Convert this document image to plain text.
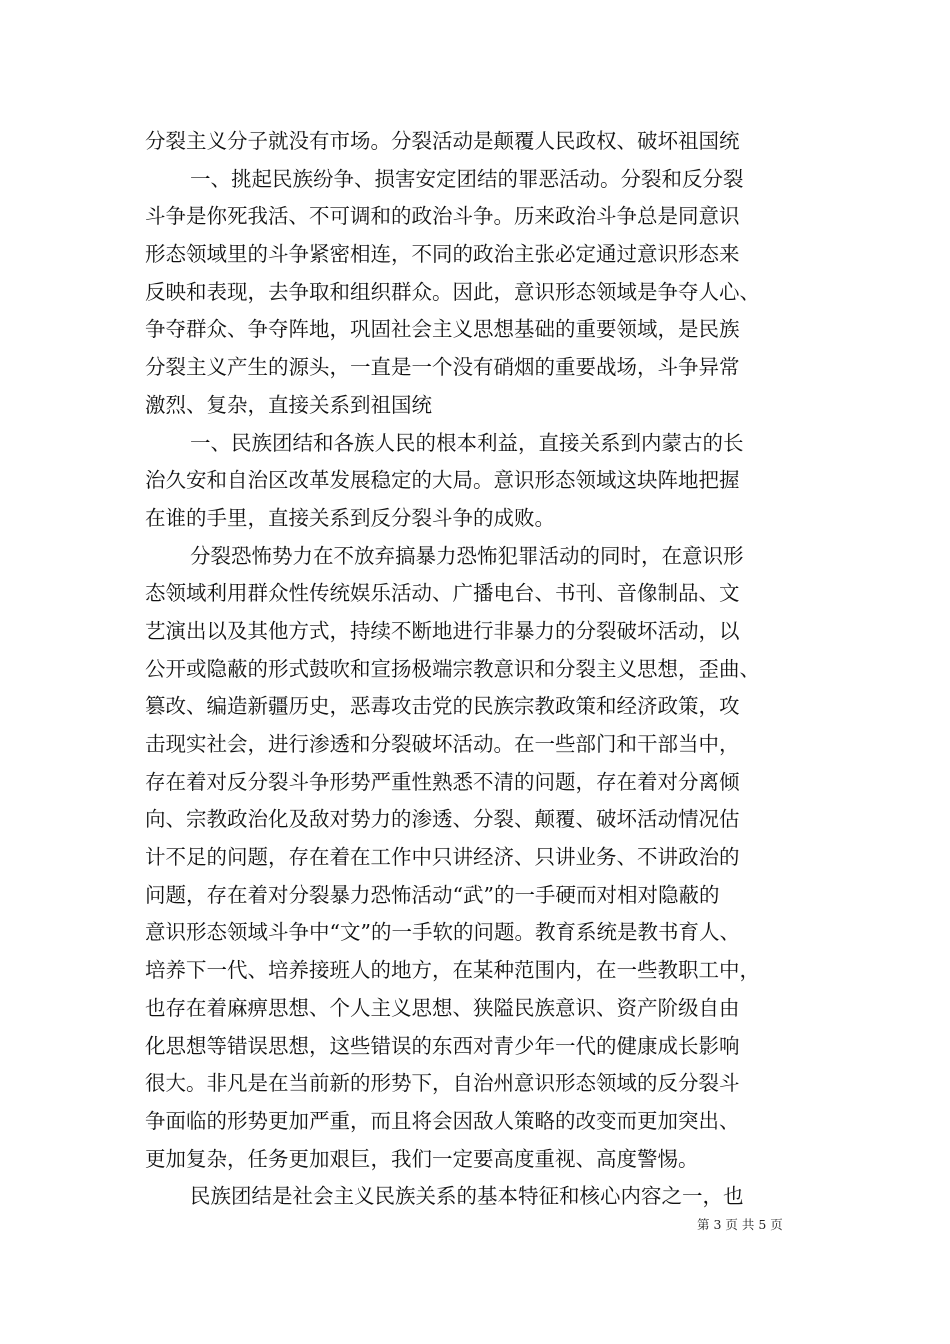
分裂主义分子就没有市场。分裂活动是颠覆人民政权、破坏祖国统
一、挑起民族纷争、损害安定团结的罪恶活动。分裂和反分裂
斗争是你死我活、不可调和的政治斗争。历来政治斗争总是同意识
形态领域里的斗争紧密相连，不同的政治主张必定通过意识形态来
反映和表现，去争取和组织群众。因此，意识形态领域是争夺人心、
争夺群众、争夺阵地，巩固社会主义思想基础的重要领域，是民族
分裂主义产生的源头，一直是一个没有硝烟的重要战场，斗争异常
激烈、复杂，直接关系到祖国统
一、民族团结和各族人民的根本利益，直接关系到内蒙古的长
治久安和自治区改革发展稳定的大局。意识形态领域这块阵地把握
在谁的手里，直接关系到反分裂斗争的成败。
分裂恐怖势力在不放弃搞暴力恐怖犯罪活动的同时，在意识形
态领域利用群众性传统娱乐活动、广播电台、书刊、音像制品、文
艺演出以及其他方式，持续不断地进行非暴力的分裂破坏活动，以
公开或隐蔽的形式鼓吹和宣扬极端宗教意识和分裂主义思想，歪曲、
篡改、编造新疆历史，恶毒攻击党的民族宗教政策和经济政策，攻
击现实社会，进行渗透和分裂破坏活动。在一些部门和干部当中，
存在着对反分裂斗争形势严重性熟悉不清的问题，存在着对分离倾
向、宗教政治化及敌对势力的渗透、分裂、颠覆、破坏活动情况估
计不足的问题，存在着在工作中只讲经济、只讲业务、不讲政治的
问题，存在着对分裂暴力恐怖活动“武”的一手硬而对相对隐蔽的
意识形态领域斗争中“文”的一手软的问题。教育系统是教书育人、
培养下一代、培养接班人的地方，在某种范围内，在一些教职工中，
也存在着麻痹思想、个人主义思想、狭隘民族意识、资产阶级自由
化思想等错误思想，这些错误的东西对青少年一代的健康成长影响
很大。非凡是在当前新的形势下，自治州意识形态领域的反分裂斗
争面临的形势更加严重，而且将会因敌人策略的改变而更加突出、
更加复杂，任务更加艰巨，我们一定要高度重视、高度警惕。
民族团结是社会主义民族关系的基本特征和核心内容之一，也
第 3 页 共 5 页
